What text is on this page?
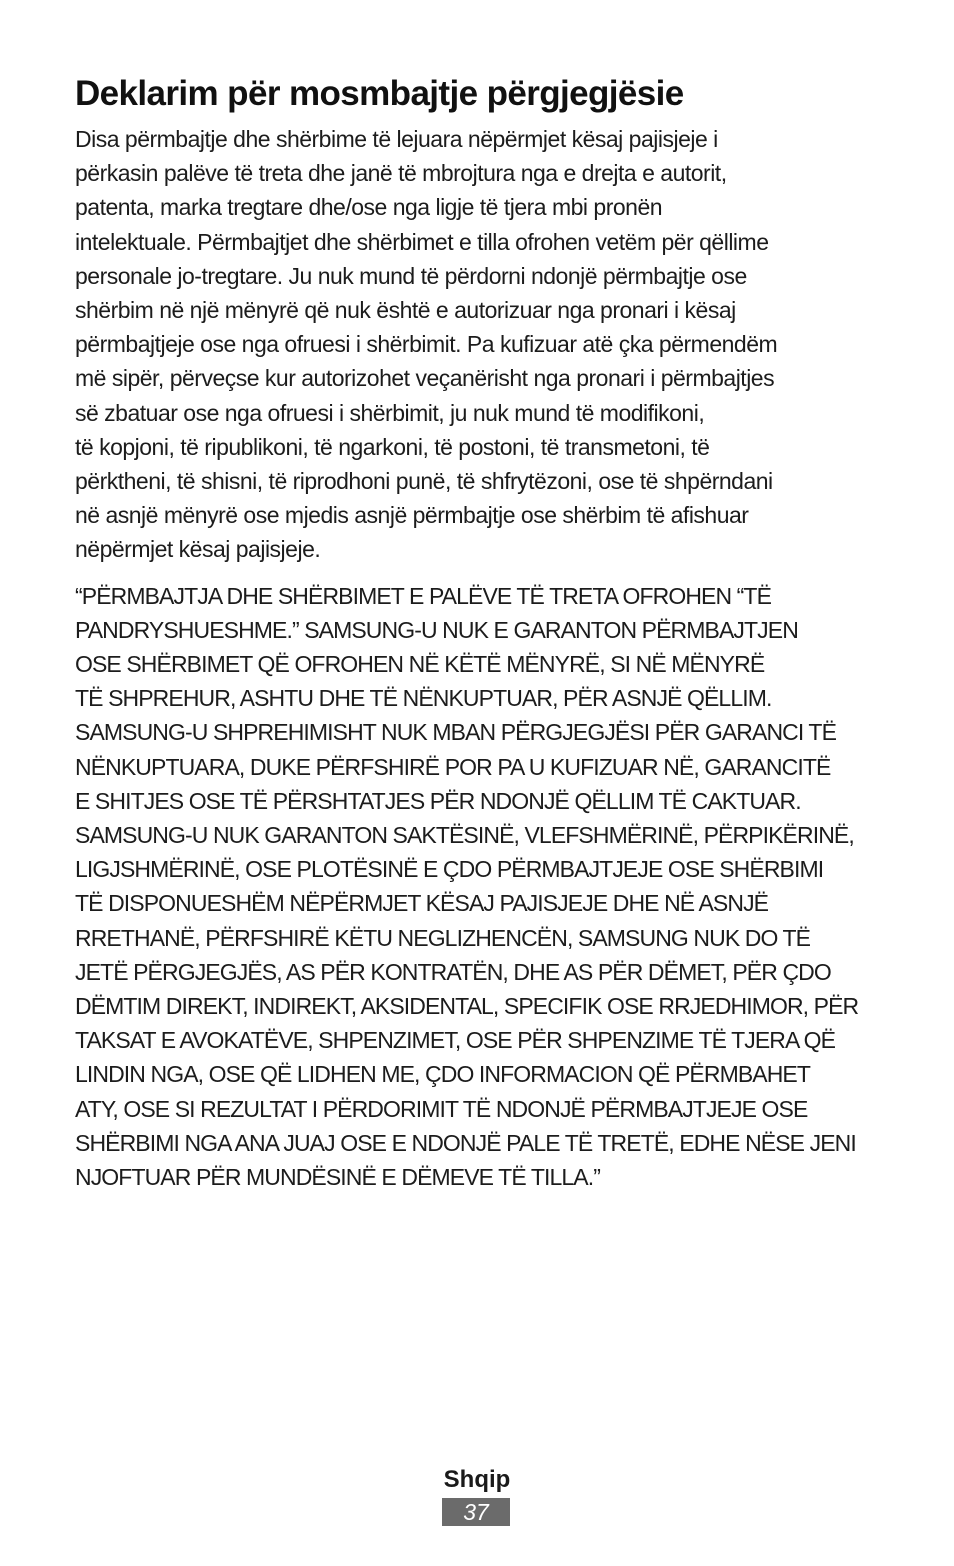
Deklarim për mosmbajtje përgjegjësie

Disa përmbajtje dhe shërbime të lejuara nëpërmjet kësaj pajisjeje i
përkasin palëve të treta dhe janë të mbrojtura nga e drejta e autorit,
patenta, marka tregtare dhe/ose nga ligje të tjera mbi pronën
intelektuale. Përmbajtjet dhe shërbimet e tilla ofrohen vetëm për qëllime
personale jo-tregtare. Ju nuk mund të përdorni ndonjë përmbajtje ose
shërbim në një mënyrë që nuk është e autorizuar nga pronari i kësaj
përmbajtjeje ose nga ofruesi i shërbimit. Pa kufizuar atë çka përmendëm
më sipër, përveçse kur autorizohet veçanërisht nga pronari i përmbajtjes
së zbatuar ose nga ofruesi i shërbimit, ju nuk mund të modifikoni,
të kopjoni, të ripublikoni, të ngarkoni, të postoni, të transmetoni, të
përktheni, të shisni, të riprodhoni punë, të shfrytëzoni, ose të shpërndani
në asnjë mënyrë ose mjedis asnjë përmbajtje ose shërbim të afishuar
nëpërmjet kësaj pajisjeje.

“PËRMBAJTJA DHE SHËRBIMET E PALËVE TË TRETA OFROHEN “TË
PANDRYSHUESHME.” SAMSUNG-U NUK E GARANTON PËRMBAJTJEN
OSE SHËRBIMET QË OFROHEN NË KËTË MËNYRË, SI NË MËNYRË
TË SHPREHUR, ASHTU DHE TË NËNKUPTUAR, PËR ASNJË QËLLIM.
SAMSUNG-U SHPREHIMISHT NUK MBAN PËRGJEGJËSI PËR GARANCI TË
NËNKUPTUARA, DUKE PËRFSHIRË POR PA U KUFIZUAR NË, GARANCITË
E SHITJES OSE TË PËRSHTATJES PËR NDONJË QËLLIM TË CAKTUAR.
SAMSUNG-U NUK GARANTON SAKTËSINË, VLEFSHMËRINË, PËRPIKËRINË,
LIGJSHMËRINË, OSE PLOTËSINË E ÇDO PËRMBAJTJEJE OSE SHËRBIMI
TË DISPONUESHËM NËPËRMJET KËSAJ PAJISJEJE DHE NË ASNJË
RRETHANË, PËRFSHIRË KËTU NEGLIZHENCËN, SAMSUNG NUK DO TË
JETË PËRGJEGJËS, AS PËR KONTRATËN, DHE AS PËR DËMET, PËR ÇDO
DËMTIM DIREKT, INDIREKT, AKSIDENTAL, SPECIFIK OSE RRJEDHIMOR, PËR
TAKSAT E AVOKATËVE, SHPENZIMET, OSE PËR SHPENZIME TË TJERA QË
LINDIN NGA, OSE QË LIDHEN ME, ÇDO INFORMACION QË PËRMBAHET
ATY, OSE SI REZULTAT I PËRDORIMIT TË NDONJË PËRMBAJTJEJE OSE
SHËRBIMI NGA ANA JUAJ OSE E NDONJË PALE TË TRETË, EDHE NËSE JENI
NJOFTUAR PËR MUNDËSINË E DËMEVE TË TILLA.”

Shqip
37
